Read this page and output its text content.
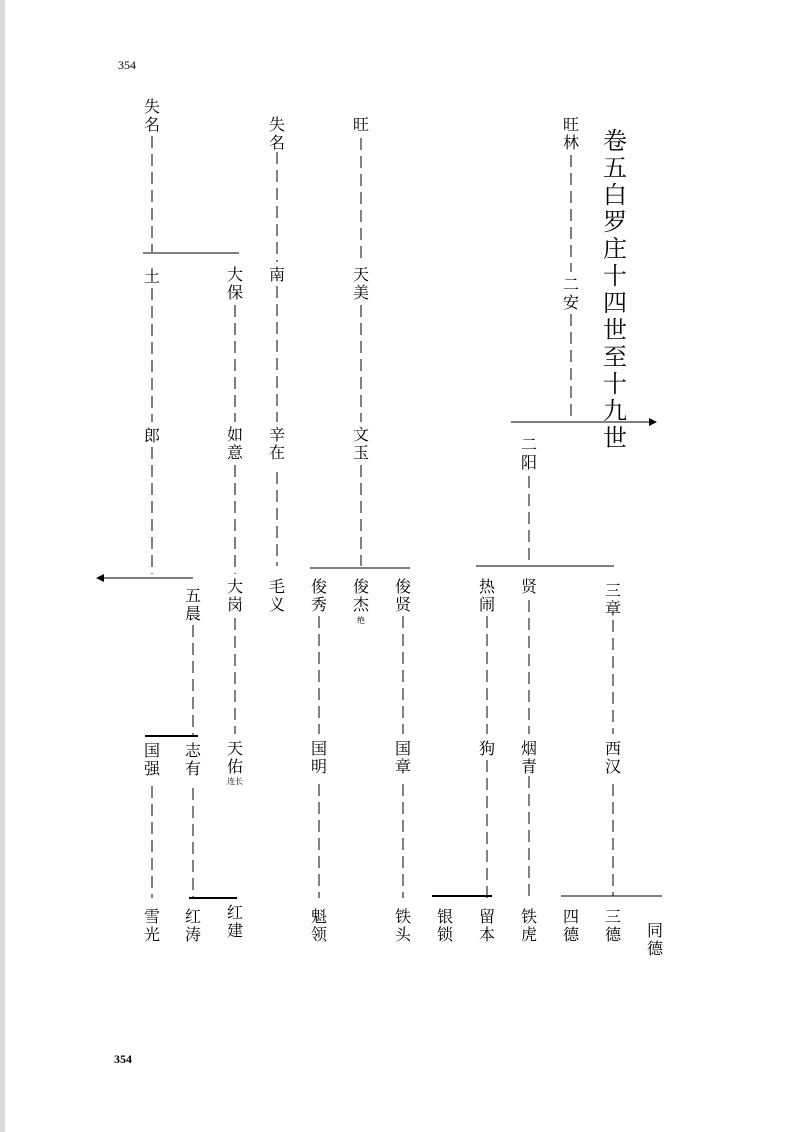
354
354
卷五白罗庄 十四世至十九世
旺林
旺
失名
失名
二安
天美
南
大保
土
二阳
文玉
辛在
如意
郎
三章
贤
热闹
俊贤
俊杰
绝
俊秀
毛义
大岗
五晨
西汉
烟青
狗
国章
国明
天佑
连长
志有
国强
同德
三德
四德
铁虎
留本
银锁
铁头
魁领
红建
红涛
雪光
